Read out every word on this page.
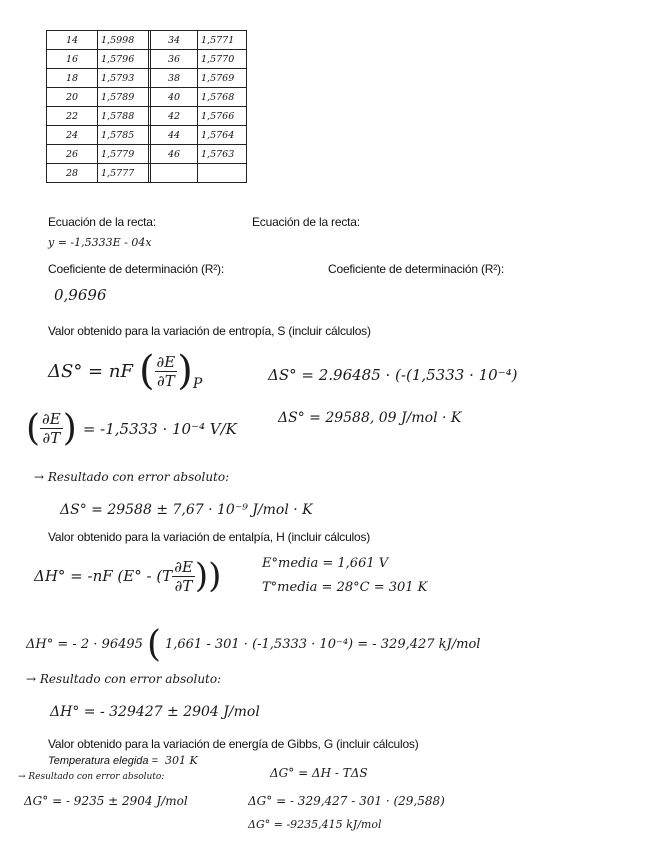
14	1,5998		34	1,5771
16	1,5796		36	1,5770
18	1,5793		38	1,5769
20	1,5789		40	1,5768
22	1,5788		42	1,5766
24	1,5785		44	1,5764
26	1,5779		46	1,5763
28	1,5777			
Ecuación de la recta:	Ecuación de la recta:
y = -1,5333E - 04x
Coeficiente de determinación (R²):	Coeficiente de determinación (R²):
0,9696
Valor obtenido para la variación de entropía, S (incluir cálculos)
ΔS° = nF ( $\frac{\partial E}{\partial T}$ ) P	ΔS° = 2.96485 · (-(1,5333 · 10⁻⁴)
( $\frac{\partial E}{\partial T}$ ) = -1,5333 · 10⁻⁴ V/K
ΔS° = 29588, 09 J/mol · K
→ Resultado con error absoluto:
ΔS° = 29588 ± 7,67 · 10⁻⁹ J/mol · K
Valor obtenido para la variación de entalpía, H (incluir cálculos)
ΔH° = -nF ($E^\circ - (T \frac{\partial E}{\partial T}$ ))	E°media = 1,661 V
T°media = 28°C = 301 K
ΔH° = - 2 · 96495 ( 1,661 - 301 · (-1,5333 · 10⁻⁴) = - 329,427 kJ/mol
→ Resultado con error absoluto:
ΔH° = - 329427 ± 2904 J/mol
Valor obtenido para la variación de energía de Gibbs, G (incluir cálculos)
Temperatura elegida = 301 K
→ Resultado con error absoluto:	ΔG° = ΔH - TΔS
ΔG° = - 9235 ± 2904 J/mol	ΔG° = - 329,427 - 301 · (29,588)
ΔG° = -9235,415 kJ/mol
